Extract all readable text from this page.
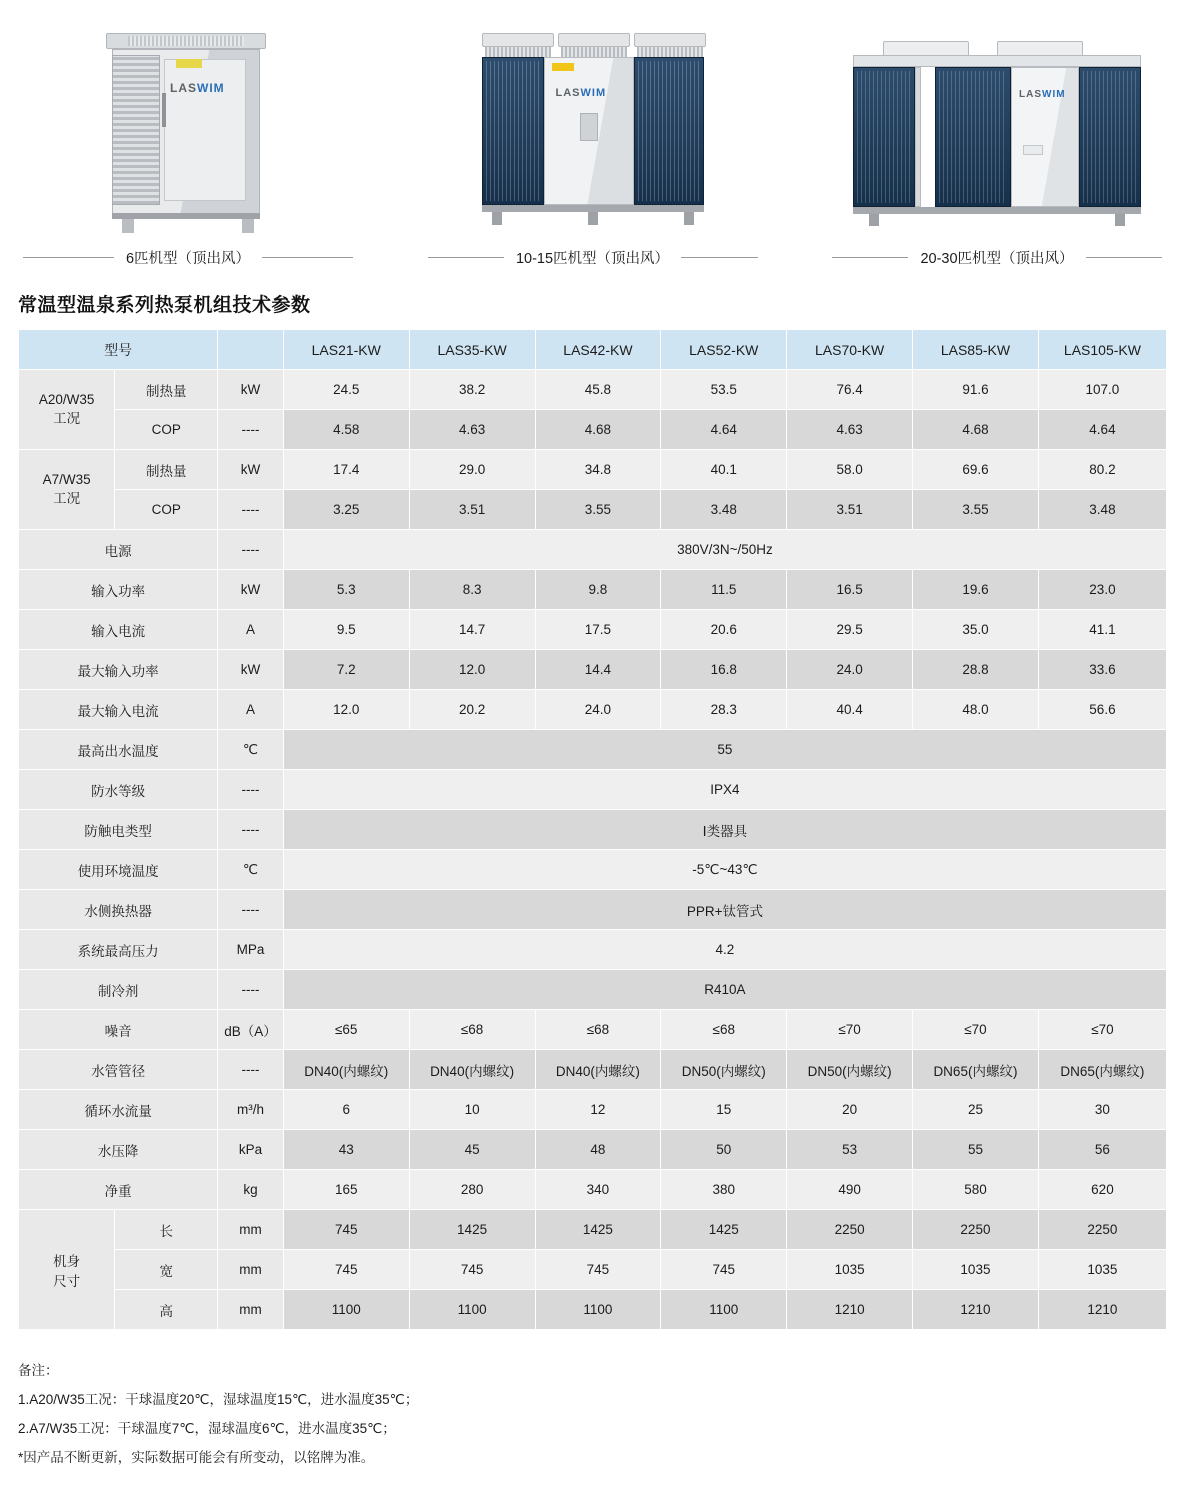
LASWIM
6匹机型（顶出风）
LASWIM
10-15匹机型（顶出风）
LASWIM
20-30匹机型（顶出风）
常温型温泉系列热泵机组技术参数
型号			LAS21-KW	LAS35-KW	LAS42-KW	LAS52-KW	LAS70-KW	LAS85-KW	LAS105-KW
A20/W35
工况	制热量	kW	24.5	38.2	45.8	53.5	76.4	91.6	107.0
	COP	----	4.58	4.63	4.68	4.64	4.63	4.68	4.64
A7/W35
工况	制热量	kW	17.4	29.0	34.8	40.1	58.0	69.6	80.2
	COP	----	3.25	3.51	3.55	3.48	3.51	3.55	3.48
电源		----	380V/3N~/50Hz						
输入功率		kW	5.3	8.3	9.8	11.5	16.5	19.6	23.0
输入电流		A	9.5	14.7	17.5	20.6	29.5	35.0	41.1
最大输入功率		kW	7.2	12.0	14.4	16.8	24.0	28.8	33.6
最大输入电流		A	12.0	20.2	24.0	28.3	40.4	48.0	56.6
最高出水温度		℃	55						
防水等级		----	IPX4						
防触电类型		----	Ⅰ类器具						
使用环境温度		℃	-5℃~43℃						
水侧换热器		----	PPR+钛管式						
系统最高压力		MPa	4.2						
制冷剂		----	R410A						
噪音		dB（A）	≤65	≤68	≤68	≤68	≤70	≤70	≤70
水管管径		----	DN40(内螺纹)	DN40(内螺纹)	DN40(内螺纹)	DN50(内螺纹)	DN50(内螺纹)	DN65(内螺纹)	DN65(内螺纹)
循环水流量		m³/h	6	10	12	15	20	25	30
水压降		kPa	43	45	48	50	53	55	56
净重		kg	165	280	340	380	490	580	620
机身
尺寸	长	mm	745	1425	1425	1425	2250	2250	2250
	宽	mm	745	745	745	745	1035	1035	1035
	高	mm	1100	1100	1100	1100	1210	1210	1210
备注：
1.A20/W35工况：干球温度20℃，湿球温度15℃，进水温度35℃；
2.A7/W35工况：干球温度7℃，湿球温度6℃，进水温度35℃；
*因产品不断更新，实际数据可能会有所变动，以铭牌为准。
